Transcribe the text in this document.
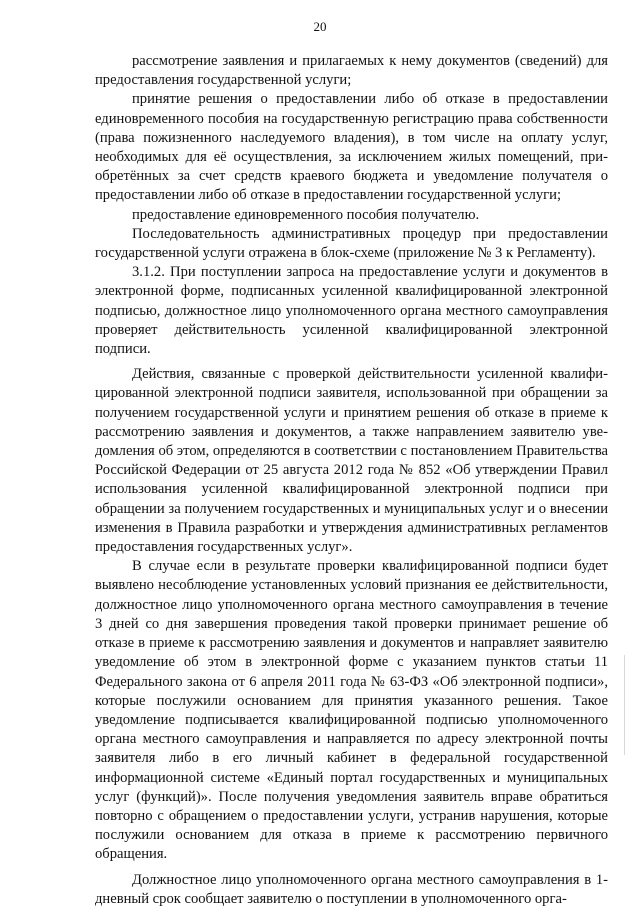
20

рассмотрение заявления и прилагаемых к нему документов (сведений) для предоставления государственной услуги;

принятие решения о предоставлении либо об отказе в предоставлении единовременного пособия на государственную регистрацию права собственности (права пожизненного наследуемого владения), в том числе на оплату услуг, необходимых для её осуществления, за исключением жилых помещений, приобретённых за счет средств краевого бюджета и уведомление получателя о предоставлении либо об отказе в предоставлении государственной услуги;

предоставление единовременного пособия получателю.

Последовательность административных процедур при предоставлении государственной услуги отражена в блок-схеме (приложение № 3 к Регламенту).

3.1.2. При поступлении запроса на предоставление услуги и документов в электронной форме, подписанных усиленной квалифицированной электронной подписью, должностное лицо уполномоченного органа местного самоуправления проверяет действительность усиленной квалифицированной электронной подписи.

Действия, связанные с проверкой действительности усиленной квалифицированной электронной подписи заявителя, использованной при обращении за получением государственной услуги и принятием решения об отказе в приеме к рассмотрению заявления и документов, а также направлением заявителю уведомления об этом, определяются в соответствии с постановлением Правительства Российской Федерации от 25 августа 2012 года № 852 «Об утверждении Правил использования усиленной квалифицированной электронной подписи при обращении за получением государственных и муниципальных услуг и о внесении изменения в Правила разработки и утверждения административных регламентов предоставления государственных услуг».

В случае если в результате проверки квалифицированной подписи будет выявлено несоблюдение установленных условий признания ее действительности, должностное лицо уполномоченного органа местного самоуправления в течение 3 дней со дня завершения проведения такой проверки принимает решение об отказе в приеме к рассмотрению заявления и документов и направляет заявителю уведомление об этом в электронной форме с указанием пунктов статьи 11 Федерального закона от 6 апреля 2011 года № 63-ФЗ «Об электронной подписи», которые послужили основанием для принятия указанного решения. Такое уведомление подписывается квалифицированной подписью уполномоченного органа местного самоуправления и направляется по адресу электронной почты заявителя либо в его личный кабинет в федеральной государственной информационной системе «Единый портал государственных и муниципальных услуг (функций)». После получения уведомления заявитель вправе обратиться повторно с обращением о предоставлении услуги, устранив нарушения, которые послужили основанием для отказа в приеме к рассмотрению первичного обращения.

Должностное лицо уполномоченного органа местного самоуправления в 1-дневный срок сообщает заявителю о поступлении в уполномоченного орга-
